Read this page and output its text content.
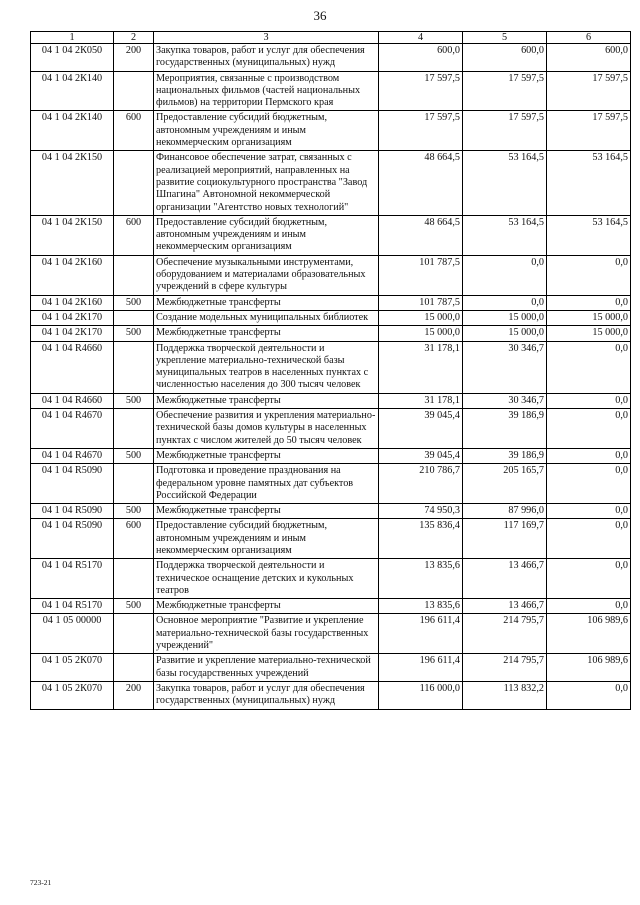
36
1	2	3	4	5	6
04 1 04 2К050	200	Закупка товаров, работ и услуг для обеспечения государственных (муниципальных) нужд	600,0	600,0	600,0
04 1 04 2К140		Мероприятия, связанные с производством национальных фильмов (частей национальных фильмов) на территории Пермского края	17 597,5	17 597,5	17 597,5
04 1 04 2К140	600	Предоставление субсидий бюджетным, автономным учреждениям и иным некоммерческим организациям	17 597,5	17 597,5	17 597,5
04 1 04 2К150		Финансовое обеспечение затрат, связанных с реализацией мероприятий, направленных на развитие социокультурного пространства "Завод Шпагина" Автономной некоммерческой организации "Агентство новых технологий"	48 664,5	53 164,5	53 164,5
04 1 04 2К150	600	Предоставление субсидий бюджетным, автономным учреждениям и иным некоммерческим организациям	48 664,5	53 164,5	53 164,5
04 1 04 2К160		Обеспечение музыкальными инструментами, оборудованием и материалами образовательных учреждений в сфере культуры	101 787,5	0,0	0,0
04 1 04 2К160	500	Межбюджетные трансферты	101 787,5	0,0	0,0
04 1 04 2К170		Создание модельных муниципальных библиотек	15 000,0	15 000,0	15 000,0
04 1 04 2К170	500	Межбюджетные трансферты	15 000,0	15 000,0	15 000,0
04 1 04 R4660		Поддержка творческой деятельности и укрепление материально-технической базы муниципальных театров в населенных пунктах с численностью населения до 300 тысяч человек	31 178,1	30 346,7	0,0
04 1 04 R4660	500	Межбюджетные трансферты	31 178,1	30 346,7	0,0
04 1 04 R4670		Обеспечение развития и укрепления материально-технической базы домов культуры в населенных пунктах с числом жителей до 50 тысяч человек	39 045,4	39 186,9	0,0
04 1 04 R4670	500	Межбюджетные трансферты	39 045,4	39 186,9	0,0
04 1 04 R5090		Подготовка и проведение празднования на федеральном уровне памятных дат субъектов Российской Федерации	210 786,7	205 165,7	0,0
04 1 04 R5090	500	Межбюджетные трансферты	74 950,3	87 996,0	0,0
04 1 04 R5090	600	Предоставление субсидий бюджетным, автономным учреждениям и иным некоммерческим организациям	135 836,4	117 169,7	0,0
04 1 04 R5170		Поддержка творческой деятельности и техническое оснащение детских и кукольных театров	13 835,6	13 466,7	0,0
04 1 04 R5170	500	Межбюджетные трансферты	13 835,6	13 466,7	0,0
04 1 05 00000		Основное мероприятие "Развитие и укрепление материально-технической базы государственных учреждений"	196 611,4	214 795,7	106 989,6
04 1 05 2К070		Развитие и укрепление материально-технической базы государственных учреждений	196 611,4	214 795,7	106 989,6
04 1 05 2К070	200	Закупка товаров, работ и услуг для обеспечения государственных (муниципальных) нужд	116 000,0	113 832,2	0,0
723-21
